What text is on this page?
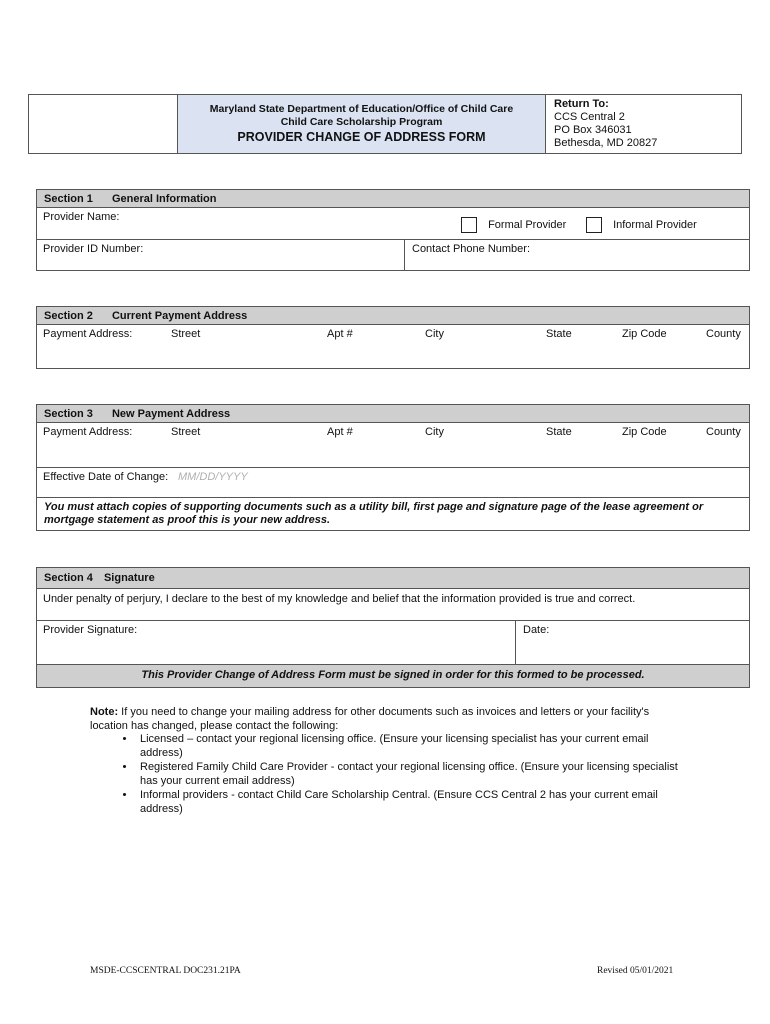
Maryland State Department of Education/Office of Child Care
Child Care Scholarship Program
PROVIDER CHANGE OF ADDRESS FORM
Return To:
CCS Central 2
PO Box 346031
Bethesda, MD 20827
Section 1 General Information
Provider Name:
Formal Provider	Informal Provider
Provider ID Number:	Contact Phone Number:
Section 2 Current Payment Address
Payment Address:	Street	Apt #	City	State	Zip Code	County
Section 3 New Payment Address
Payment Address:	Street	Apt #	City	State	Zip Code	County
Effective Date of Change: MM/DD/YYYY
You must attach copies of supporting documents such as a utility bill, first page and signature page of the lease agreement or mortgage statement as proof this is your new address.
Section 4 Signature
Under penalty of perjury, I declare to the best of my knowledge and belief that the information provided is true and correct.
Provider Signature:	Date:
This Provider Change of Address Form must be signed in order for this formed to be processed.
Note: If you need to change your mailing address for other documents such as invoices and letters or your facility's location has changed, please contact the following:
• Licensed – contact your regional licensing office. (Ensure your licensing specialist has your current email address)
• Registered Family Child Care Provider - contact your regional licensing office. (Ensure your licensing specialist has your current email address)
• Informal providers - contact Child Care Scholarship Central. (Ensure CCS Central 2 has your current email address)
MSDE-CCSCENTRAL DOC231.21PA	Revised 05/01/2021
